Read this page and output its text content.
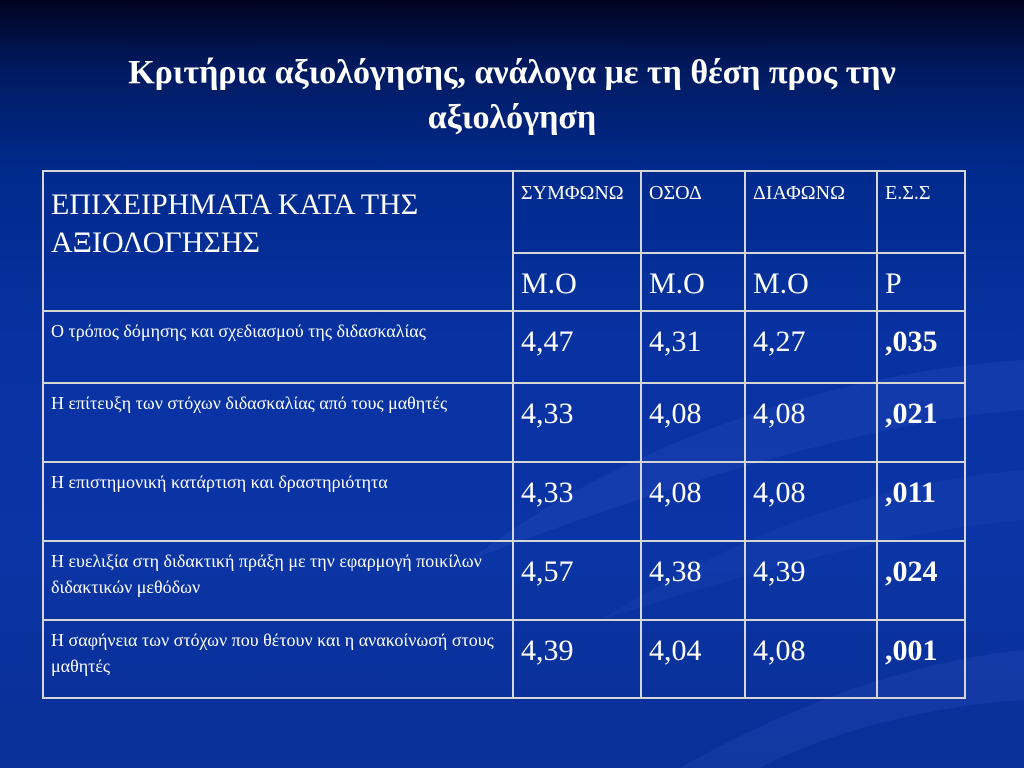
Κριτήρια αξιολόγησης, ανάλογα με τη θέση προς την αξιολόγηση
ΕΠΙΧΕΙΡΗΜΑΤΑ ΚΑΤΑ ΤΗΣ ΑΞΙΟΛΟΓΗΣΗΣ	ΣΥΜΦΩΝΩ	ΟΣΟΔ	ΔΙΑΦΩΝΩ	Ε.Σ.Σ
	Μ.Ο	Μ.Ο	Μ.Ο	P
Ο τρόπος δόμησης και σχεδιασμού της διδασκαλίας	4,47	4,31	4,27	,035
Η επίτευξη των στόχων διδασκαλίας από τους μαθητές	4,33	4,08	4,08	,021
Η επιστημονική κατάρτιση και δραστηριότητα	4,33	4,08	4,08	,011
Η ευελιξία στη διδακτική πράξη με την εφαρμογή ποικίλων διδακτικών μεθόδων	4,57	4,38	4,39	,024
Η σαφήνεια των στόχων που θέτουν και η ανακοίνωσή στους μαθητές	4,39	4,04	4,08	,001
